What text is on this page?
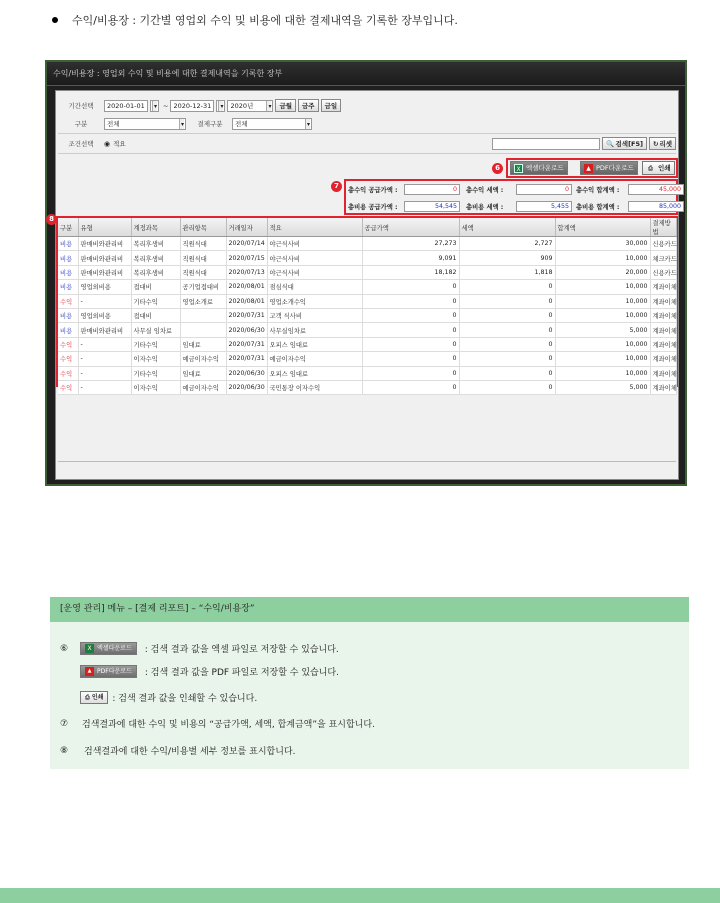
수익/비용장 : 기간별 영업외 수익 및 비용에 대한 결제내역을 기록한 장부입니다.
수익/비용장 : 영업외 수익 및 비용에 대한 결제내역을 기록한 장부
기간선택	2020-01-01 ▾	~ 2020-12-31 ▾	2020년 ▾	금월	금주	금일
구분	전체 ▾	결제구분	전체 ▾
조건선택	◉ 적요	🔍 검색[F5] ↻ 리셋
6	X 엑셀다운로드	▲ PDF다운로드	⎙ 인쇄
7	총수익 공급가액 :	0	총수익 세액 :	0	총수익 합계액 :	45,000
총비용 공급가액 :	54,545	총비용 세액 :	5,455	총비용 합계액 :	85,000
8
구분	유형	계정과목	관리항목	거래일자	적요	공급가액	세액	합계액	결제방법
비용	판매비와관리비	복리후생비	직원식대	2020/07/14	야근식사비	27,273	2,727	30,000	신용카드
비용	판매비와관리비	복리후생비	직원식대	2020/07/15	야근식사비	9,091	909	10,000	체크카드
비용	판매비와관리비	복리후생비	직원식대	2020/07/13	야근식사비	18,182	1,818	20,000	신용카드
비용	영업외비용	접대비	공기업접대비	2020/08/01	점심식대	0	0	10,000	계좌이체
수익	-	기타수익	영업소개료	2020/08/01	영업소개수익	0	0	10,000	계좌이체
비용	영업외비용	접대비		2020/07/31	고객 식사비	0	0	10,000	계좌이체
비용	판매비와관리비	사무실 임차료		2020/06/30	사무실임차료	0	0	5,000	계좌이체
수익	-	기타수익	임대료	2020/07/31	오피스 임대료	0	0	10,000	계좌이체
수익	-	이자수익	예금이자수익	2020/07/31	예금이자수익	0	0	10,000	계좌이체
수익	-	기타수익	임대료	2020/06/30	오피스 임대료	0	0	10,000	계좌이체
수익	-	이자수익	예금이자수익	2020/06/30	국민통장 이자수익	0	0	5,000	계좌이체
[운영 관리] 메뉴 – [결제 리포트] – “수익/비용장”
⑥	X 엑셀다운로드 : 검색 결과 값을 엑셀 파일로 저장할 수 있습니다.
▲ PDF다운로드 : 검색 결과 값을 PDF 파일로 저장할 수 있습니다.
⎙ 인쇄 : 검색 결과 값을 인쇄할 수 있습니다.
⑦	검색결과에 대한 수익 및 비용의 “공급가액, 세액, 합계금액”을 표시합니다.
⑧	검색결과에 대한 수익/비용별 세부 정보를 표시합니다.
